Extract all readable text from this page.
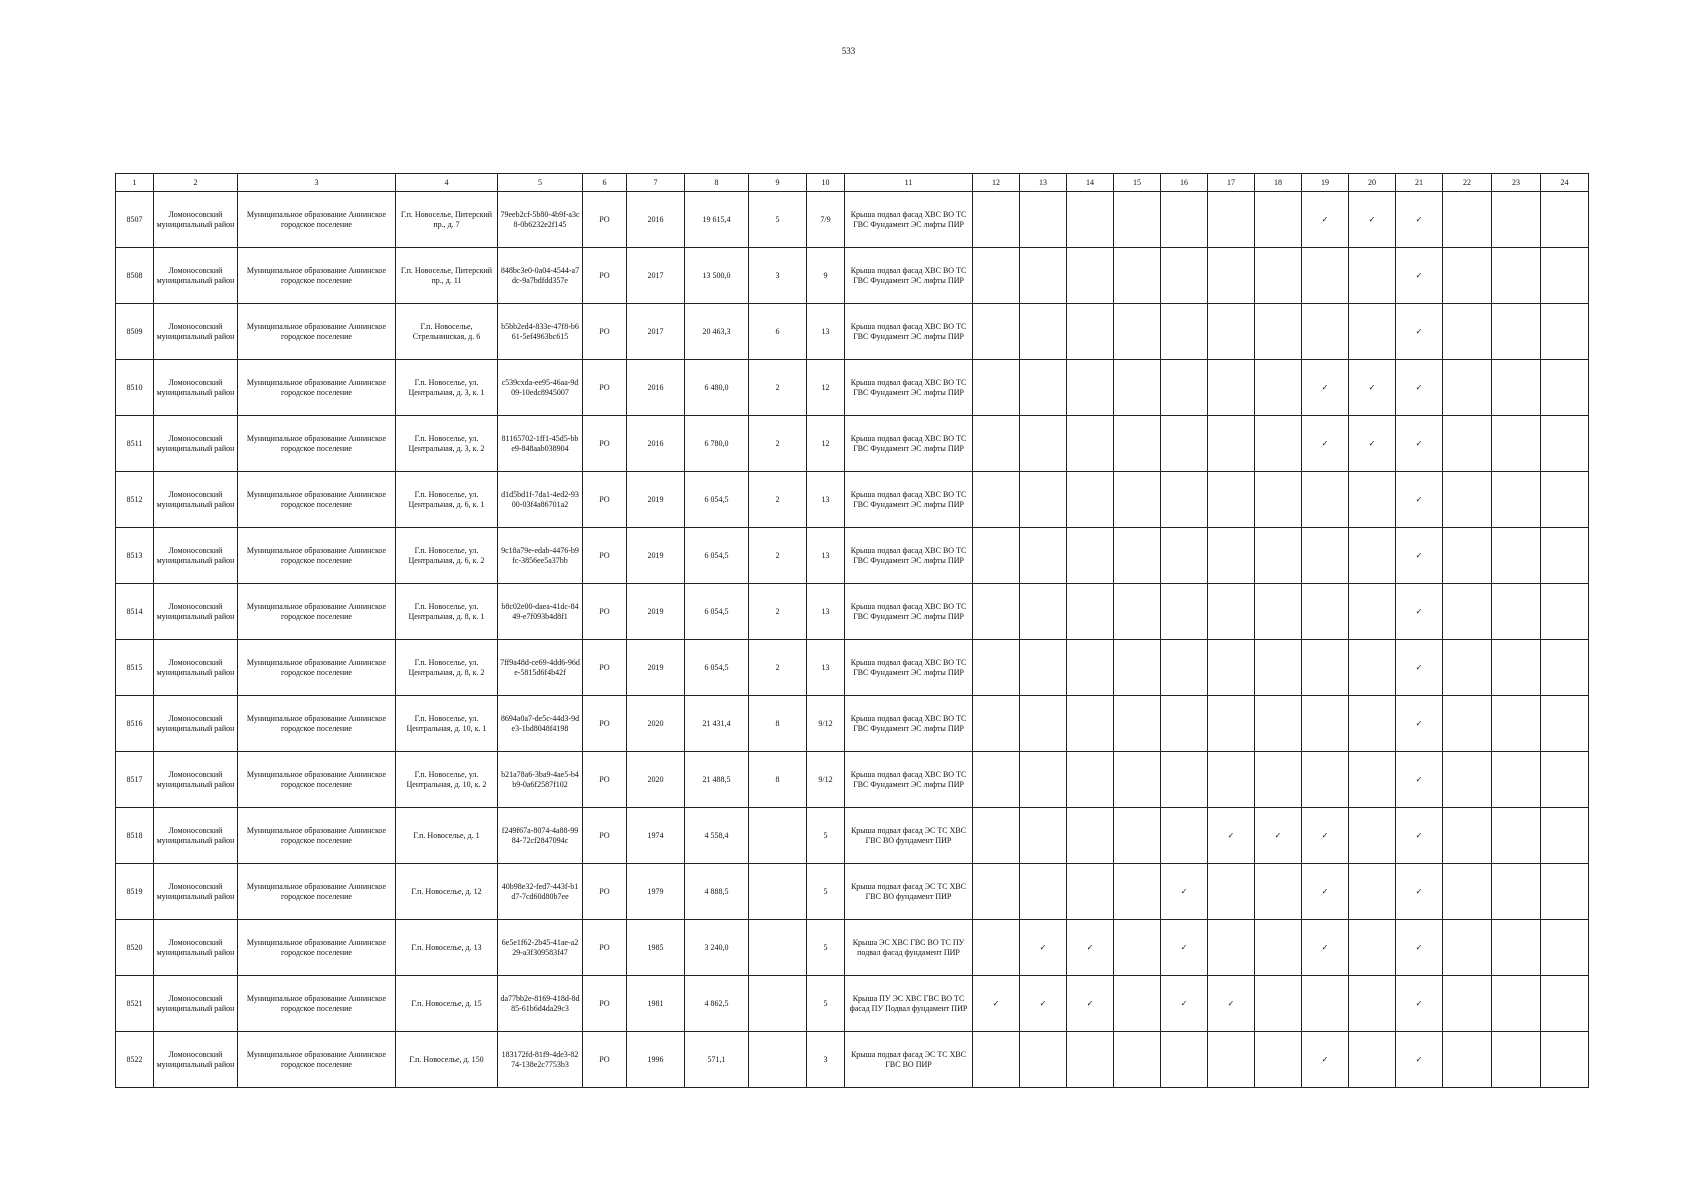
533
1	2	3	4	5	6	7	8	9	10	11	12	13	14	15	16	17	18	19	20	21	22	23	24
8507	Ломоносовский муниципальный район	Муниципальное образование Аннинское городское поселение	Г.п. Новоселье, Питерский пр., д. 7	79eeb2cf-5b80-4b9f-a3c8-0b6232e2f145	РО	2016	19 615,4	5	7/9	Крыша подвал фасад ХВС ВО ТС ГВС Фундамент ЭС лифты ПИР								✓	✓	✓			
8508	Ломоносовский муниципальный район	Муниципальное образование Аннинское городское поселение	Г.п. Новоселье, Питерский пр., д. 11	848bc3e0-0a04-4544-a7dc-9a7bdfdd357e	РО	2017	13 500,0	3	9	Крыша подвал фасад ХВС ВО ТС ГВС Фундамент ЭС лифты ПИР										✓			
8509	Ломоносовский муниципальный район	Муниципальное образование Аннинское городское поселение	Г.п. Новоселье, Стрельнинская, д. 6	b5bb2ed4-833e-47f8-b661-5ef4963bc615	РО	2017	20 463,3	6	13	Крыша подвал фасад ХВС ВО ТС ГВС Фундамент ЭС лифты ПИР										✓			
8510	Ломоносовский муниципальный район	Муниципальное образование Аннинское городское поселение	Г.п. Новоселье, ул. Центральная, д. 3, к. 1	c539cxda-ee95-46aa-9d09-10edc8945007	РО	2016	6 480,0	2	12	Крыша подвал фасад ХВС ВО ТС ГВС Фундамент ЭС лифты ПИР								✓	✓	✓			
8511	Ломоносовский муниципальный район	Муниципальное образование Аннинское городское поселение	Г.п. Новоселье, ул. Центральная, д. 3, к. 2	81165702-1ff1-45d5-bbe9-848aab038904	РО	2016	6 780,0	2	12	Крыша подвал фасад ХВС ВО ТС ГВС Фундамент ЭС лифты ПИР								✓	✓	✓			
8512	Ломоносовский муниципальный район	Муниципальное образование Аннинское городское поселение	Г.п. Новоселье, ул. Центральная, д. 6, к. 1	d1d5bd1f-7da1-4ed2-9300-03f4a86701a2	РО	2019	6 054,5	2	13	Крыша подвал фасад ХВС ВО ТС ГВС Фундамент ЭС лифты ПИР										✓			
8513	Ломоносовский муниципальный район	Муниципальное образование Аннинское городское поселение	Г.п. Новоселье, ул. Центральная, д. 6, к. 2	9c18a79e-edab-4476-b9fc-3856ee5a37bb	РО	2019	6 054,5	2	13	Крыша подвал фасад ХВС ВО ТС ГВС Фундамент ЭС лифты ПИР										✓			
8514	Ломоносовский муниципальный район	Муниципальное образование Аннинское городское поселение	Г.п. Новоселье, ул. Центральная, д. 8, к. 1	b8c02e00-daea-41dc-8449-e7f093b4d8f1	РО	2019	6 054,5	2	13	Крыша подвал фасад ХВС ВО ТС ГВС Фундамент ЭС лифты ПИР										✓			
8515	Ломоносовский муниципальный район	Муниципальное образование Аннинское городское поселение	Г.п. Новоселье, ул. Центральная, д. 8, к. 2	7ff9a48d-ce69-4dd6-96de-5815d6f4b42f	РО	2019	6 054,5	2	13	Крыша подвал фасад ХВС ВО ТС ГВС Фундамент ЭС лифты ПИР										✓			
8516	Ломоносовский муниципальный район	Муниципальное образование Аннинское городское поселение	Г.п. Новоселье, ул. Центральная, д. 10, к. 1	8694a0a7-de5c-44d3-9de3-1bd8048f4198	РО	2020	21 431,4	8	9/12	Крыша подвал фасад ХВС ВО ТС ГВС Фундамент ЭС лифты ПИР										✓			
8517	Ломоносовский муниципальный район	Муниципальное образование Аннинское городское поселение	Г.п. Новоселье, ул. Центральная, д. 10, к. 2	b21a78a6-3ba9-4ae5-b4b9-0a6f2587f102	РО	2020	21 488,5	8	9/12	Крыша подвал фасад ХВС ВО ТС ГВС Фундамент ЭС лифты ПИР										✓			
8518	Ломоносовский муниципальный район	Муниципальное образование Аннинское городское поселение	Г.п. Новоселье, д. 1	f249f67a-8074-4a88-9984-72cf2847094c	РО	1974	4 558,4		5	Крыша подвал фасад ЭС ТС ХВС ГВС ВО фундамент ПИР						✓	✓	✓		✓			
8519	Ломоносовский муниципальный район	Муниципальное образование Аннинское городское поселение	Г.п. Новоселье, д. 12	40b98e32-fed7-443f-b1d7-7cd60d80b7ee	РО	1979	4 888,5		5	Крыша подвал фасад ЭС ТС ХВС ГВС ВО фундамент ПИР					✓			✓		✓			
8520	Ломоносовский муниципальный район	Муниципальное образование Аннинское городское поселение	Г.п. Новоселье, д. 13	6e5e1f62-2b45-41ae-a229-a3f309583f47	РО	1985	3 240,0		5	Крыша ЭС ХВС ГВС ВО ТС ПУ подвал фасад фундамент ПИР		✓	✓		✓			✓		✓			
8521	Ломоносовский муниципальный район	Муниципальное образование Аннинское городское поселение	Г.п. Новоселье, д. 15	da77bb2e-8169-418d-8d85-61b6d4da29c3	РО	1981	4 862,5		5	Крыша ПУ ЭС ХВС ГВС ВО ТС фасад ПУ Подвал фундамент ПИР	✓	✓	✓		✓	✓				✓			
8522	Ломоносовский муниципальный район	Муниципальное образование Аннинское городское поселение	Г.п. Новоселье, д. 150	183172fd-81f9-4de3-8274-138e2c7753b3	РО	1996	571,1		3	Крыша подвал фасад ЭС ТС ХВС ГВС ВО ПИР								✓		✓			
